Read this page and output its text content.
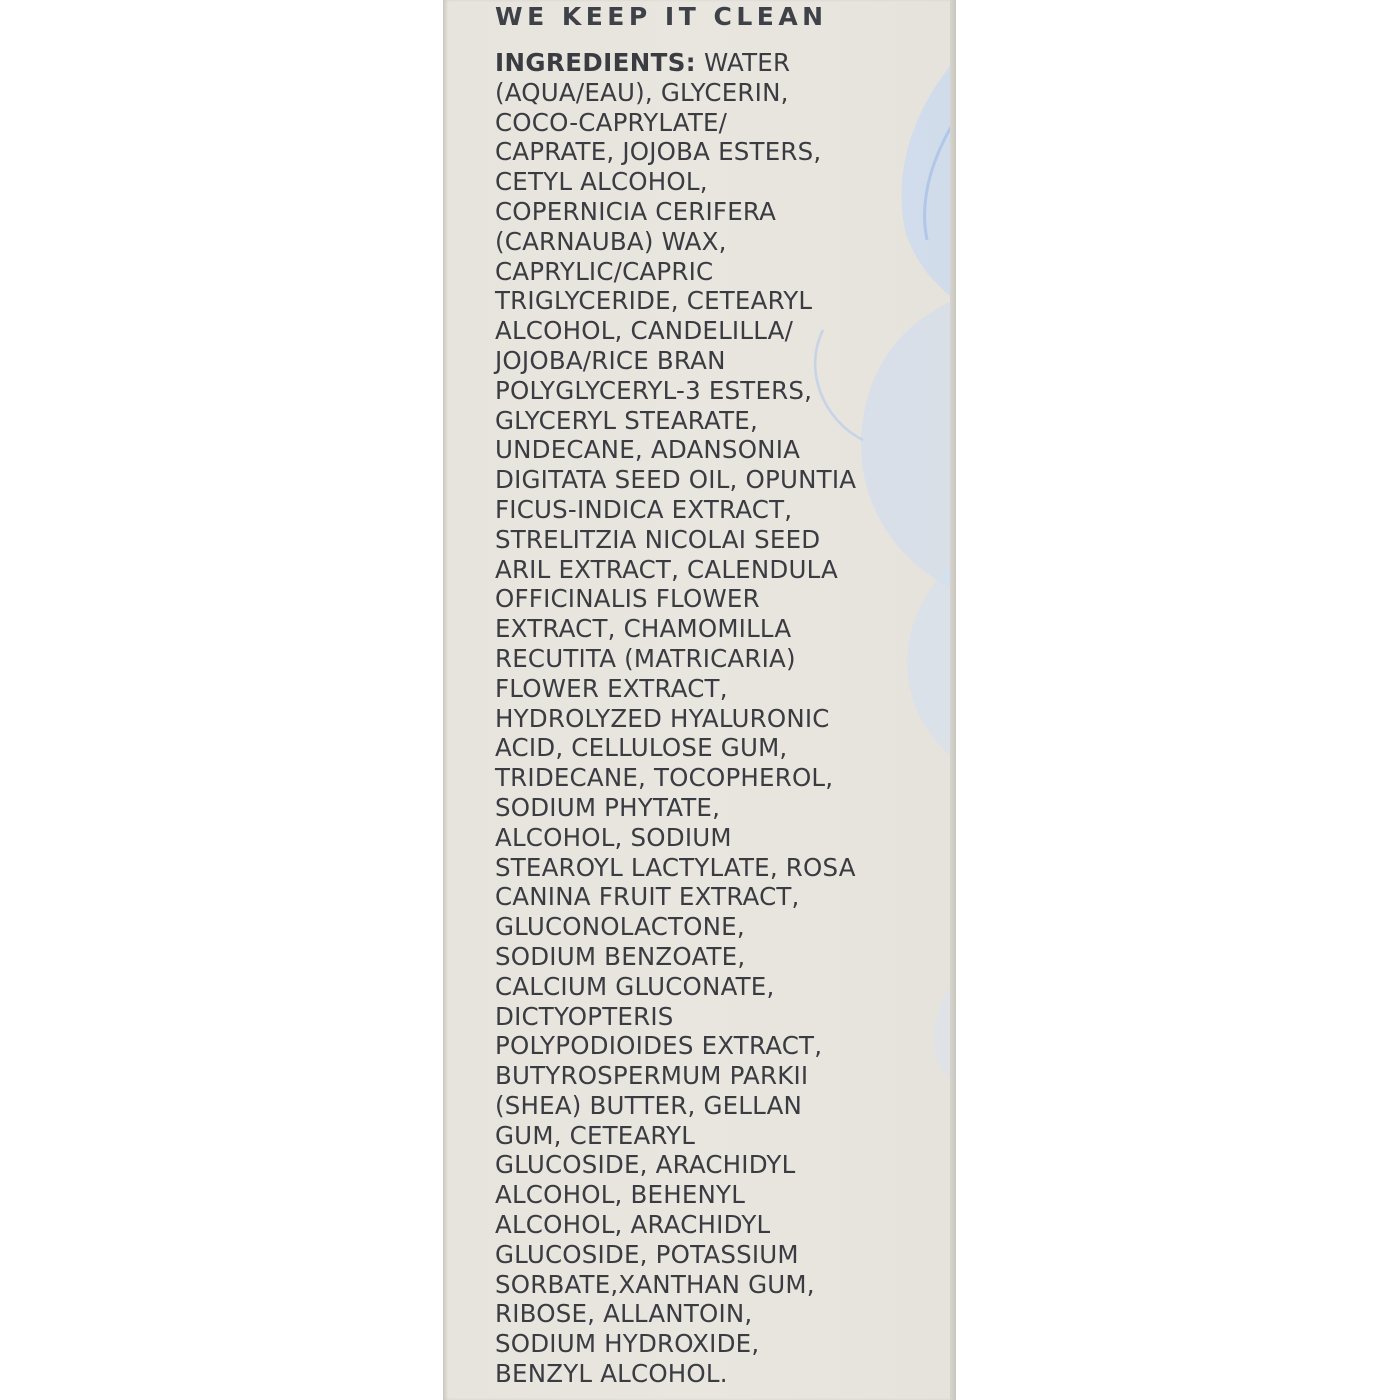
WE KEEP IT CLEAN
INGREDIENTS: WATER
(AQUA/EAU), GLYCERIN,
COCO-CAPRYLATE/
CAPRATE, JOJOBA ESTERS,
CETYL ALCOHOL,
COPERNICIA CERIFERA
(CARNAUBA) WAX,
CAPRYLIC/CAPRIC
TRIGLYCERIDE, CETEARYL
ALCOHOL, CANDELILLA/
JOJOBA/RICE BRAN
POLYGLYCERYL-3 ESTERS,
GLYCERYL STEARATE,
UNDECANE, ADANSONIA
DIGITATA SEED OIL, OPUNTIA
FICUS-INDICA EXTRACT,
STRELITZIA NICOLAI SEED
ARIL EXTRACT, CALENDULA
OFFICINALIS FLOWER
EXTRACT, CHAMOMILLA
RECUTITA (MATRICARIA)
FLOWER EXTRACT,
HYDROLYZED HYALURONIC
ACID, CELLULOSE GUM,
TRIDECANE, TOCOPHEROL,
SODIUM PHYTATE,
ALCOHOL, SODIUM
STEAROYL LACTYLATE, ROSA
CANINA FRUIT EXTRACT,
GLUCONOLACTONE,
SODIUM BENZOATE,
CALCIUM GLUCONATE,
DICTYOPTERIS
POLYPODIOIDES EXTRACT,
BUTYROSPERMUM PARKII
(SHEA) BUTTER, GELLAN
GUM, CETEARYL
GLUCOSIDE, ARACHIDYL
ALCOHOL, BEHENYL
ALCOHOL, ARACHIDYL
GLUCOSIDE, POTASSIUM
SORBATE,XANTHAN GUM,
RIBOSE, ALLANTOIN,
SODIUM HYDROXIDE,
BENZYL ALCOHOL.
